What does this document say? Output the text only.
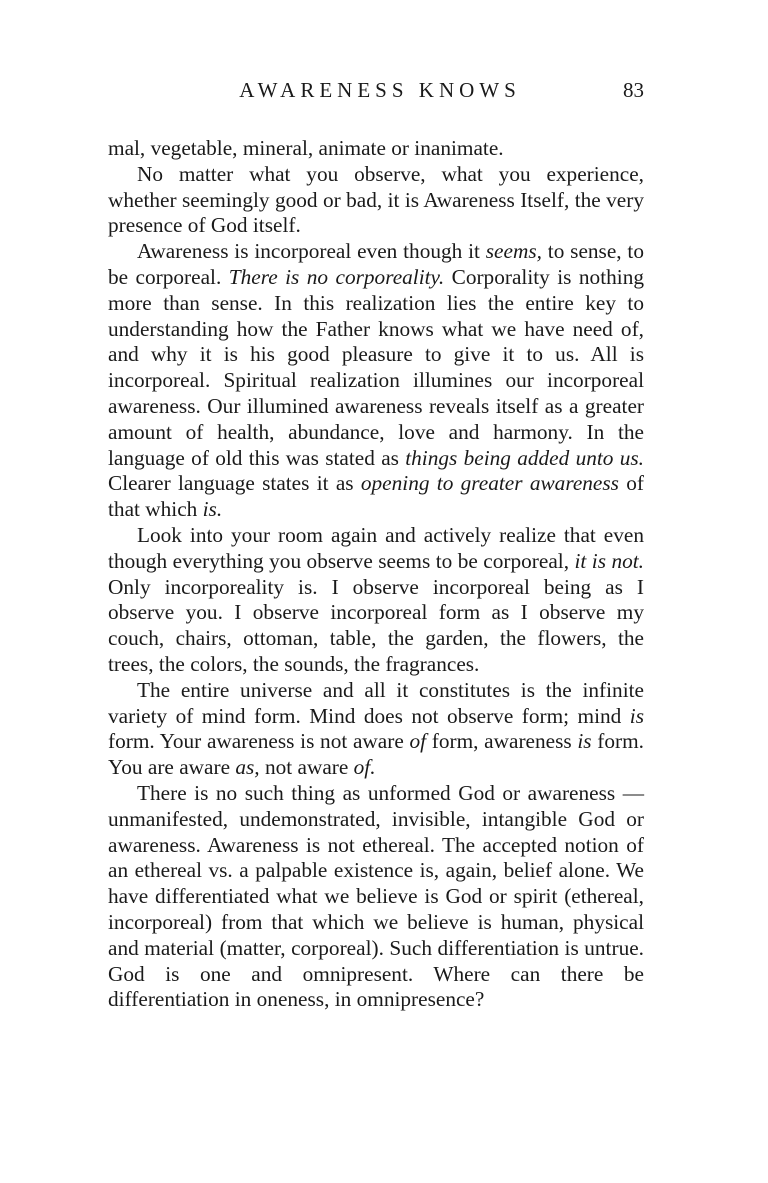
AWARENESS KNOWS	83

mal, vegetable, mineral, animate or inanimate.

No matter what you observe, what you experience, whether seemingly good or bad, it is Awareness Itself, the very presence of God itself.

Awareness is incorporeal even though it seems, to sense, to be corporeal. There is no corporeality. Corporality is nothing more than sense. In this realization lies the entire key to understanding how the Father knows what we have need of, and why it is his good pleasure to give it to us. All is incorporeal. Spiritual realization illumines our incorporeal awareness. Our illumined awareness reveals itself as a greater amount of health, abundance, love and harmony. In the language of old this was stated as things being added unto us. Clearer language states it as opening to greater awareness of that which is.

Look into your room again and actively realize that even though everything you observe seems to be corporeal, it is not. Only incorporeality is. I observe incorporeal being as I observe you. I observe incorporeal form as I observe my couch, chairs, ottoman, table, the garden, the flowers, the trees, the colors, the sounds, the fragrances.

The entire universe and all it constitutes is the infinite variety of mind form. Mind does not observe form; mind is form. Your awareness is not aware of form, awareness is form. You are aware as, not aware of.

There is no such thing as unformed God or awareness — unmanifested, undemonstrated, invisible, intangible God or awareness. Awareness is not ethereal. The accepted notion of an ethereal vs. a palpable existence is, again, belief alone. We have differentiated what we believe is God or spirit (ethereal, incorporeal) from that which we believe is human, physical and material (matter, corporeal). Such differentiation is untrue. God is one and omnipresent. Where can there be differentiation in oneness, in omnipresence?
